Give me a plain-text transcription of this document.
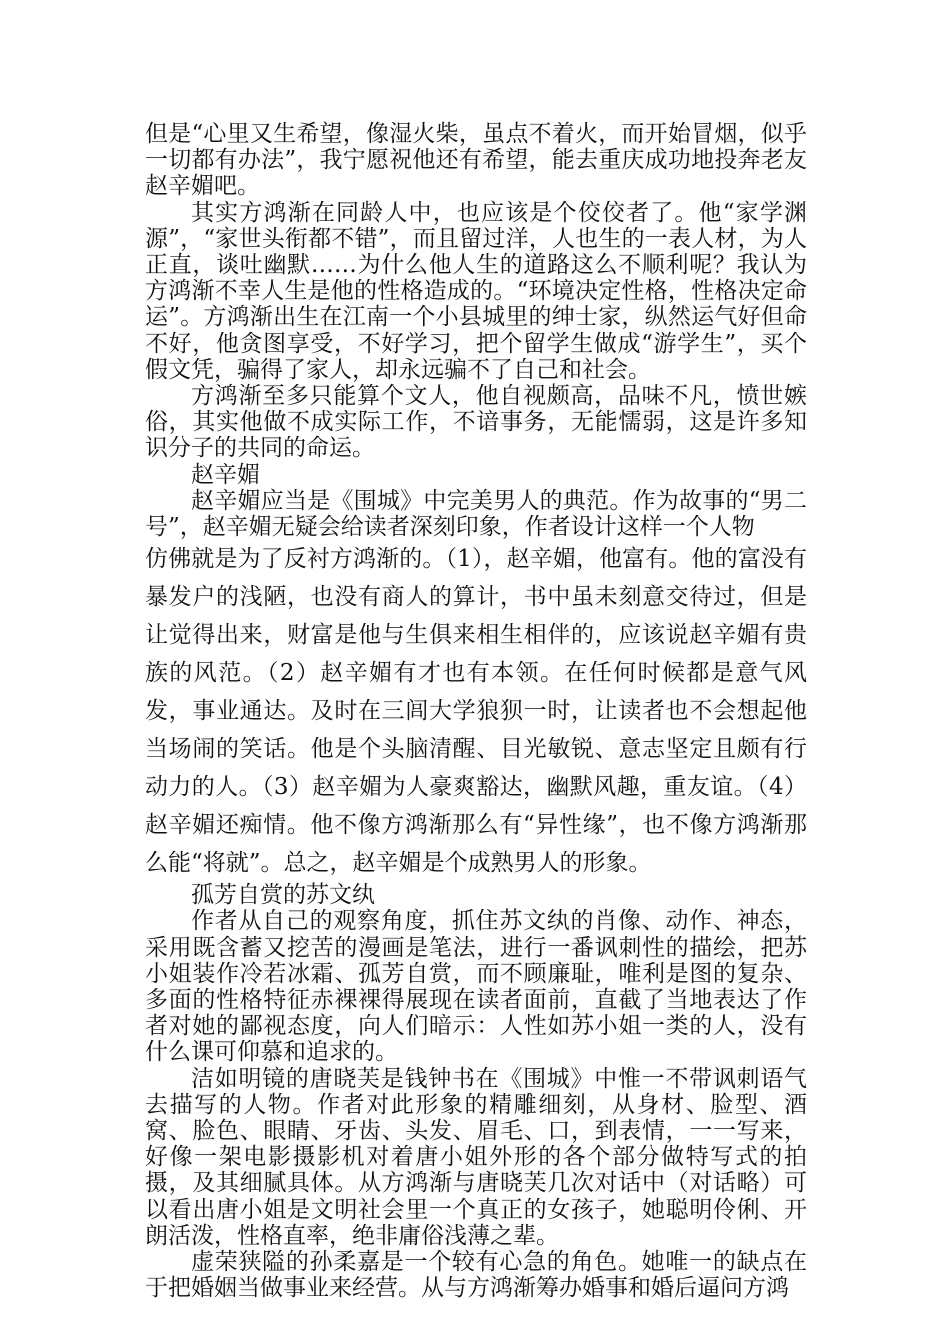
但是“心里又生希望，像湿火柴，虽点不着火，而开始冒烟，似乎一切都有办法”，我宁愿祝他还有希望，能去重庆成功地投奔老友赵辛媚吧。

其实方鸿渐在同龄人中，也应该是个佼佼者了。他“家学渊源”，“家世头衔都不错”，而且留过洋，人也生的一表人材，为人正直，谈吐幽默……为什么他人生的道路这么不顺利呢？我认为方鸿渐不幸人生是他的性格造成的。“环境决定性格，性格决定命运”。方鸿渐出生在江南一个小县城里的绅士家，纵然运气好但命不好，他贪图享受，不好学习，把个留学生做成“游学生”，买个假文凭，骗得了家人，却永远骗不了自己和社会。

方鸿渐至多只能算个文人，他自视颇高，品味不凡，愤世嫉俗，其实他做不成实际工作，不谙事务，无能懦弱，这是许多知识分子的共同的命运。

赵辛媚

赵辛媚应当是《围城》中完美男人的典范。作为故事的“男二号”，赵辛媚无疑会给读者深刻印象，作者设计这样一个人物

仿佛就是为了反衬方鸿渐的。（1），赵辛媚，他富有。他的富没有暴发户的浅陋，也没有商人的算计，书中虽未刻意交待过，但是让觉得出来，财富是他与生俱来相生相伴的，应该说赵辛媚有贵族的风范。（2）赵辛媚有才也有本领。在任何时候都是意气风发，事业通达。及时在三闾大学狼狈一时，让读者也不会想起他当场闹的笑话。他是个头脑清醒、目光敏锐、意志坚定且颇有行动力的人。（3）赵辛媚为人豪爽豁达，幽默风趣，重友谊。（4）赵辛媚还痴情。他不像方鸿渐那么有“异性缘”，也不像方鸿渐那么能“将就”。总之，赵辛媚是个成熟男人的形象。

孤芳自赏的苏文纨

作者从自己的观察角度，抓住苏文纨的肖像、动作、神态，采用既含蓄又挖苦的漫画是笔法，进行一番讽刺性的描绘，把苏小姐装作冷若冰霜、孤芳自赏，而不顾廉耻，唯利是图的复杂、多面的性格特征赤裸裸得展现在读者面前，直截了当地表达了作者对她的鄙视态度，向人们暗示：人性如苏小姐一类的人，没有什么课可仰慕和追求的。

洁如明镜的唐晓芙是钱钟书在《围城》中惟一不带讽刺语气去描写的人物。作者对此形象的精雕细刻，从身材、脸型、酒窝、脸色、眼睛、牙齿、头发、眉毛、口，到表情，一一写来，好像一架电影摄影机对着唐小姐外形的各个部分做特写式的拍摄，及其细腻具体。从方鸿渐与唐晓芙几次对话中（对话略）可以看出唐小姐是文明社会里一个真正的女孩子，她聪明伶俐、开朗活泼，性格直率，绝非庸俗浅薄之辈。

虚荣狭隘的孙柔嘉是一个较有心急的角色。她唯一的缺点在于把婚姻当做事业来经营。从与方鸿渐筹办婚事和婚后逼问方鸿
